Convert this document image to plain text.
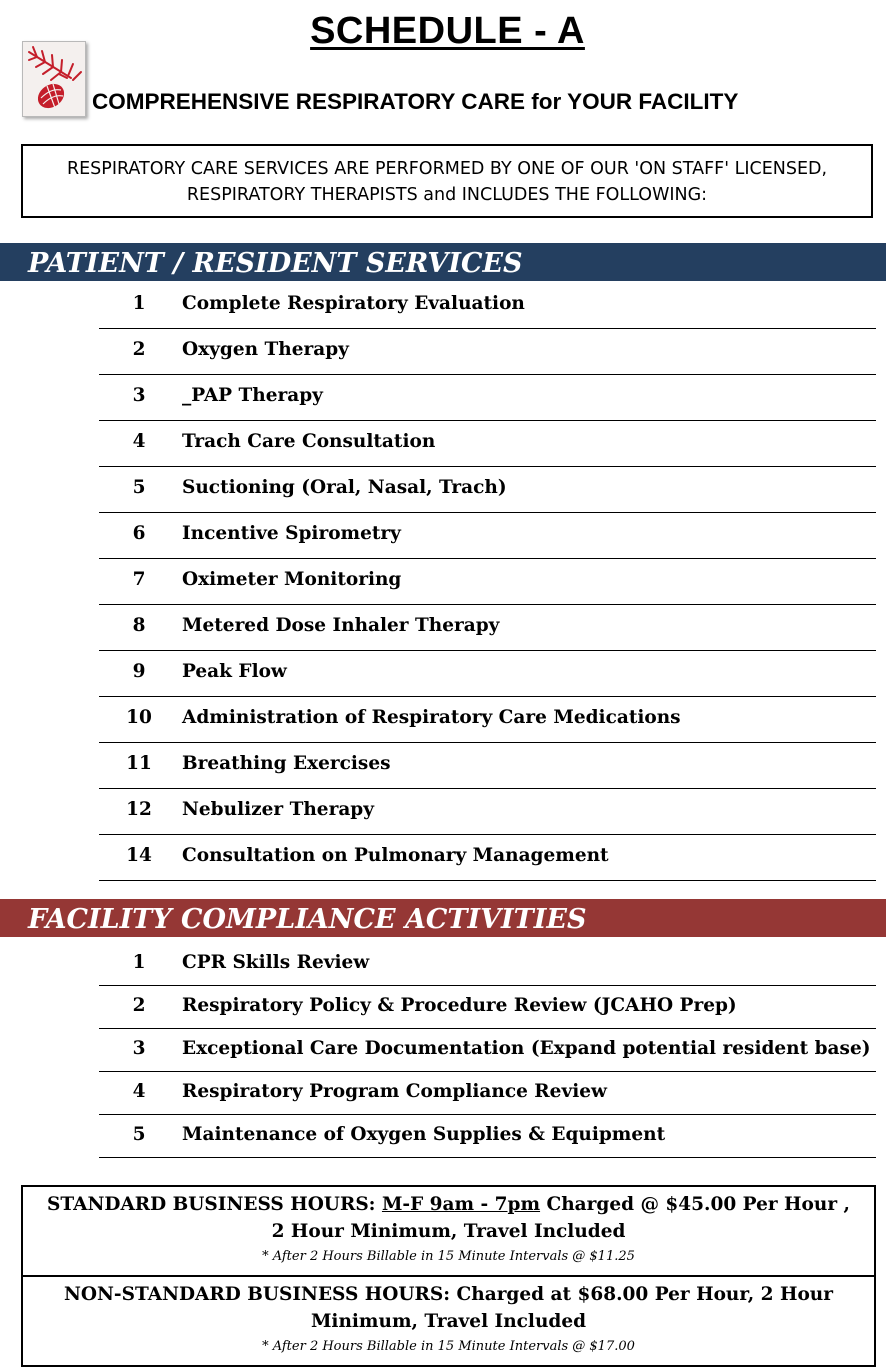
SCHEDULE - A
COMPREHENSIVE RESPIRATORY CARE for YOUR FACILITY
RESPIRATORY CARE SERVICES ARE PERFORMED BY ONE OF OUR 'ON STAFF' LICENSED,
RESPIRATORY THERAPISTS and INCLUDES THE FOLLOWING:
PATIENT / RESIDENT SERVICES
1	Complete Respiratory Evaluation
2	Oxygen Therapy
3	_PAP Therapy
4	Trach Care Consultation
5	Suctioning (Oral, Nasal, Trach)
6	Incentive Spirometry
7	Oximeter Monitoring
8	Metered Dose Inhaler Therapy
9	Peak Flow
10	Administration of Respiratory Care Medications
11	Breathing Exercises
12	Nebulizer Therapy
14	Consultation on Pulmonary Management
FACILITY COMPLIANCE ACTIVITIES
1	CPR Skills Review
2	Respiratory Policy & Procedure Review (JCAHO Prep)
3	Exceptional Care Documentation (Expand potential resident base)
4	Respiratory Program Compliance Review
5	Maintenance of Oxygen Supplies & Equipment
STANDARD BUSINESS HOURS: M-F 9am - 7pm Charged @ $45.00 Per Hour , 2 Hour Minimum, Travel Included
* After 2 Hours Billable in 15 Minute Intervals @ $11.25
NON-STANDARD BUSINESS HOURS: Charged at $68.00 Per Hour, 2 Hour Minimum, Travel Included
* After 2 Hours Billable in 15 Minute Intervals @ $17.00
